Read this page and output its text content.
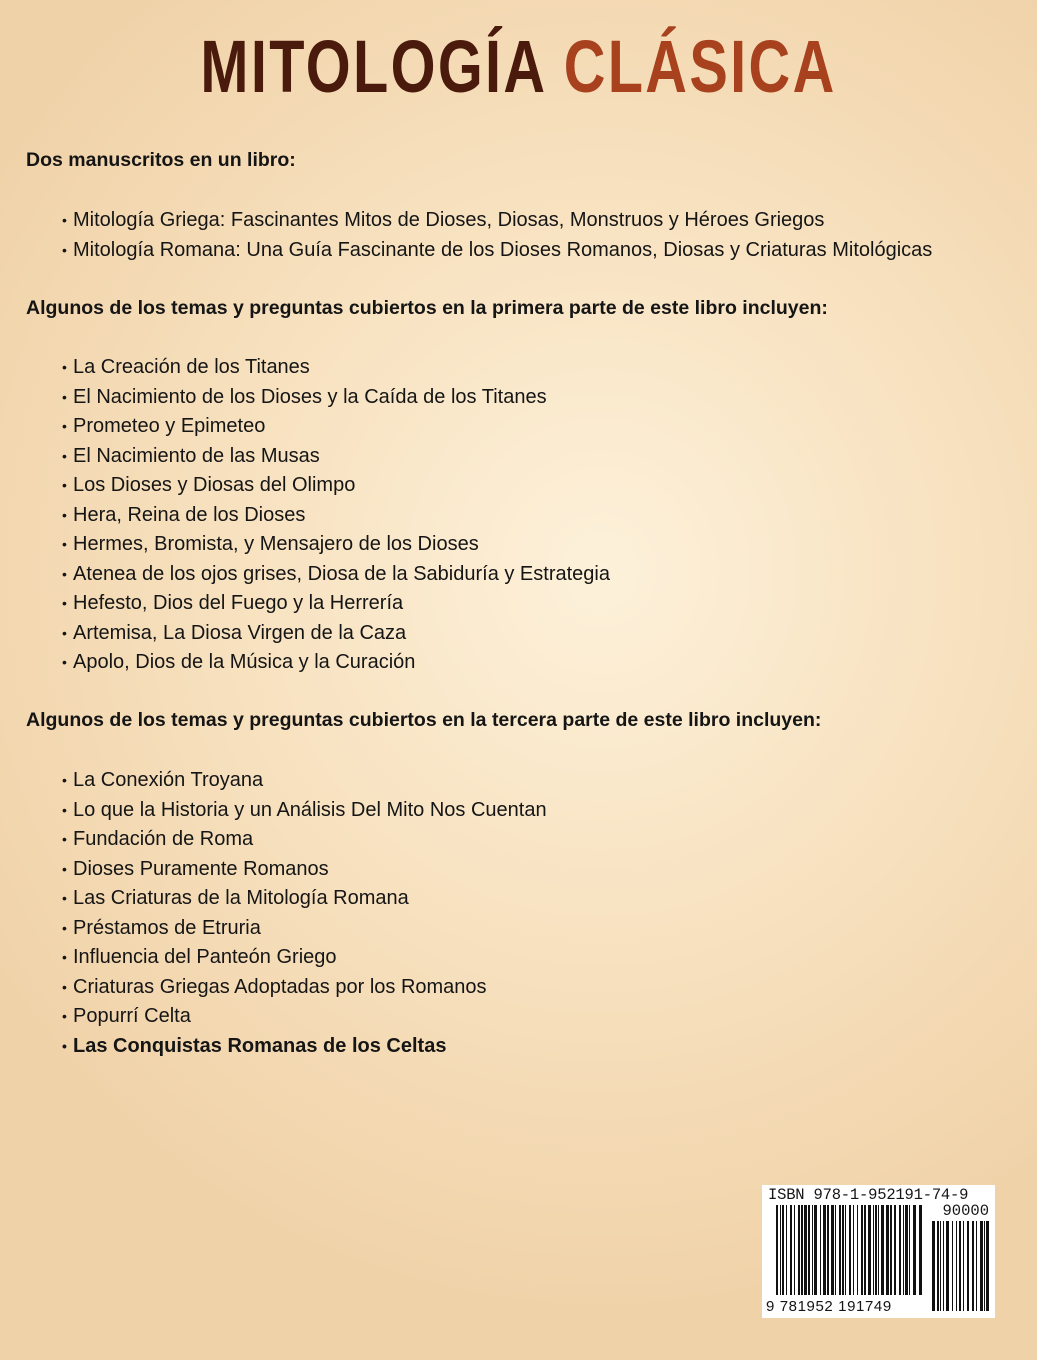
MITOLOGÍA CLÁSICA
Dos manuscritos en un libro:
• Mitología Griega: Fascinantes Mitos de Dioses, Diosas, Monstruos y Héroes Griegos
• Mitología Romana: Una Guía Fascinante de los Dioses Romanos, Diosas y Criaturas Mitológicas
Algunos de los temas y preguntas cubiertos en la primera parte de este libro incluyen:
• La Creación de los Titanes
• El Nacimiento de los Dioses y la Caída de los Titanes
• Prometeo y Epimeteo
• El Nacimiento de las Musas
• Los Dioses y Diosas del Olimpo
• Hera, Reina de los Dioses
• Hermes, Bromista, y Mensajero de los Dioses
• Atenea de los ojos grises, Diosa de la Sabiduría y Estrategia
• Hefesto, Dios del Fuego y la Herrería
• Artemisa, La Diosa Virgen de la Caza
• Apolo, Dios de la Música y la Curación
Algunos de los temas y preguntas cubiertos en la tercera parte de este libro incluyen:
• La Conexión Troyana
• Lo que la Historia y un Análisis Del Mito Nos Cuentan
• Fundación de Roma
• Dioses Puramente Romanos
• Las Criaturas de la Mitología Romana
• Préstamos de Etruria
• Influencia del Panteón Griego
• Criaturas Griegas Adoptadas por los Romanos
• Popurrí Celta
• Las Conquistas Romanas de los Celtas
ISBN 978-1-952191-74-9
90000
9 781952 191749
